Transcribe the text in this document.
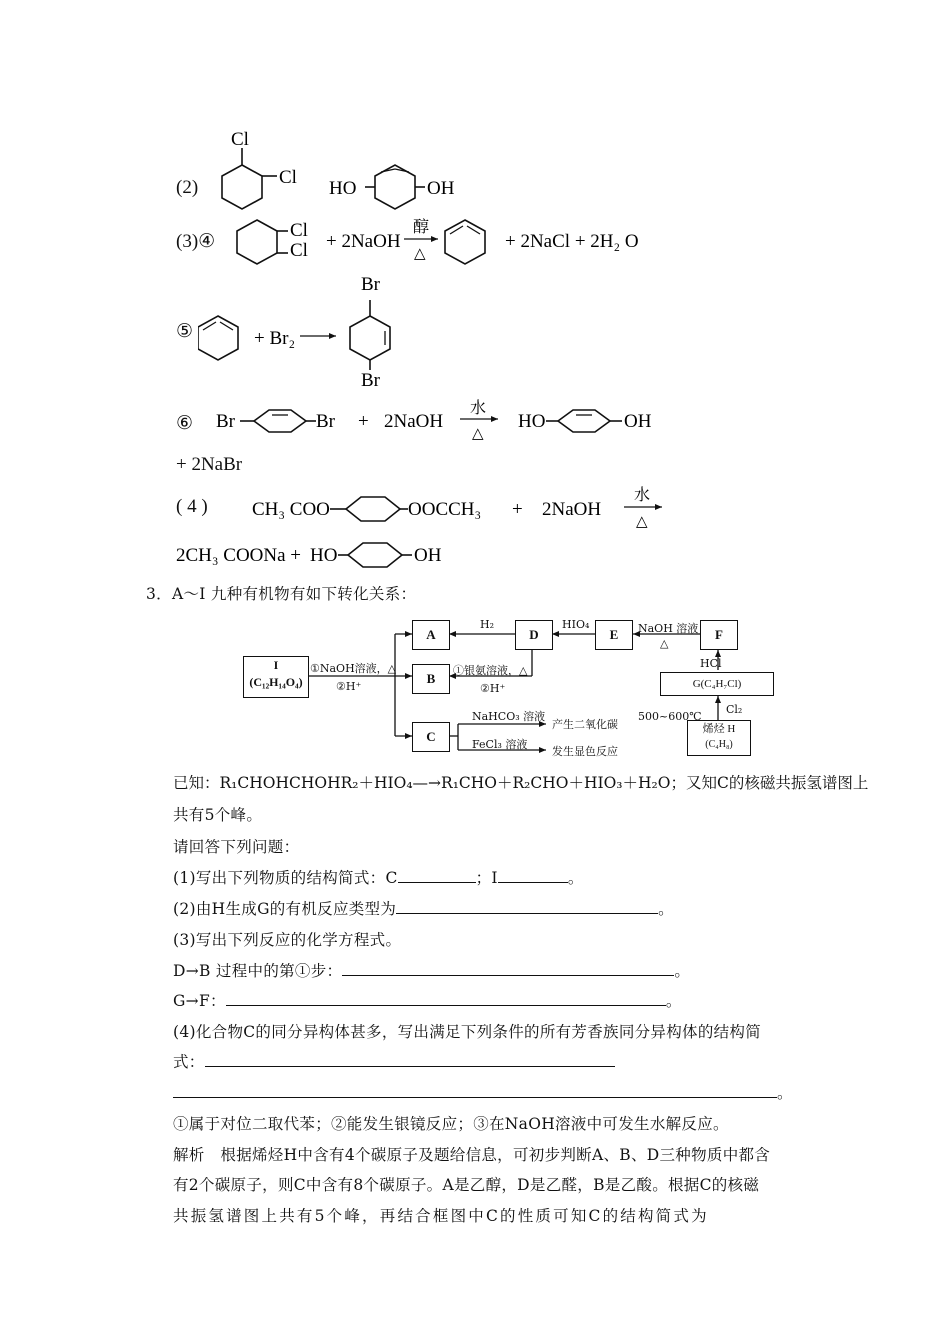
(2)
Cl
Cl
HO	OH
(3)④
Cl
Cl + 2NaOH
醇
△
+ 2NaCl + 2H₂ O
⑤	+ Br₂
Br
Br
⑥ Br	Br + 2NaOH
水
△
HO	OH
+ 2NaBr
( 4 ) CH₃ COO	OOCCH₃ + 2NaOH
水
△
2CH₃ COONa + HO	OH
3．A～I 九种有机物有如下转化关系：
I
(C₁₂H₁₄O₄)
A
B
C
D	E	F
G(C₄H₇Cl)
烯烃 H
(C₄H₈)
①NaOH溶液，△
②H⁺
H₂	HIO₄	NaOH 溶液
△
①银氨溶液，△
②H⁺
HCl
Cl₂
500~600℃
NaHCO₃ 溶液
产生二氧化碳
FeCl₃ 溶液
发生显色反应
已知：R₁CHOHCHOHR₂＋HIO₄—→R₁CHO＋R₂CHO＋HIO₃＋H₂O；又知C的核磁共振氢谱图上
共有5个峰。
请回答下列问题：
(1)写出下列物质的结构简式：C	；I	。
(2)由H生成G的有机反应类型为	。
(3)写出下列反应的化学方程式。
D→B 过程中的第①步：	。
G→F：	。
(4)化合物C的同分异构体甚多，写出满足下列条件的所有芳香族同分异构体的结构简
式：
。
①属于对位二取代苯；②能发生银镜反应；③在NaOH溶液中可发生水解反应。
解析　根据烯烃H中含有4个碳原子及题给信息，可初步判断A、B、D三种物质中都含
有2个碳原子，则C中含有8个碳原子。A是乙醇，D是乙醛，B是乙酸。根据C的核磁
共振氢谱图上共有5个峰，再结合框图中C的性质可知C的结构简式为
